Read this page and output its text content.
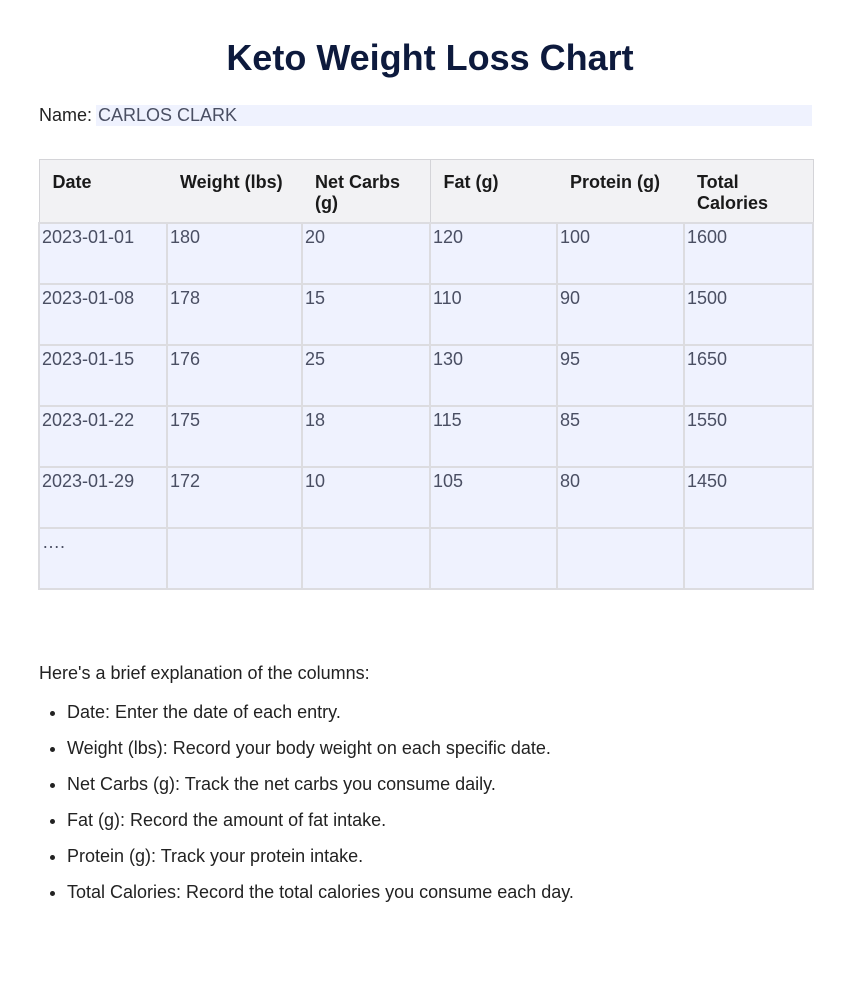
Keto Weight Loss Chart
Name: CARLOS CLARK
Date	Weight (lbs)	Net Carbs (g)	Fat (g)	Protein (g)	Total Calories
2023-01-01	180	20	120	100	1600
2023-01-08	178	15	110	90	1500
2023-01-15	176	25	130	95	1650
2023-01-22	175	18	115	85	1550
2023-01-29	172	10	105	80	1450
….					

Here's a brief explanation of the columns:

• Date: Enter the date of each entry.
• Weight (lbs): Record your body weight on each specific date.
• Net Carbs (g): Track the net carbs you consume daily.
• Fat (g): Record the amount of fat intake.
• Protein (g): Track your protein intake.
• Total Calories: Record the total calories you consume each day.
